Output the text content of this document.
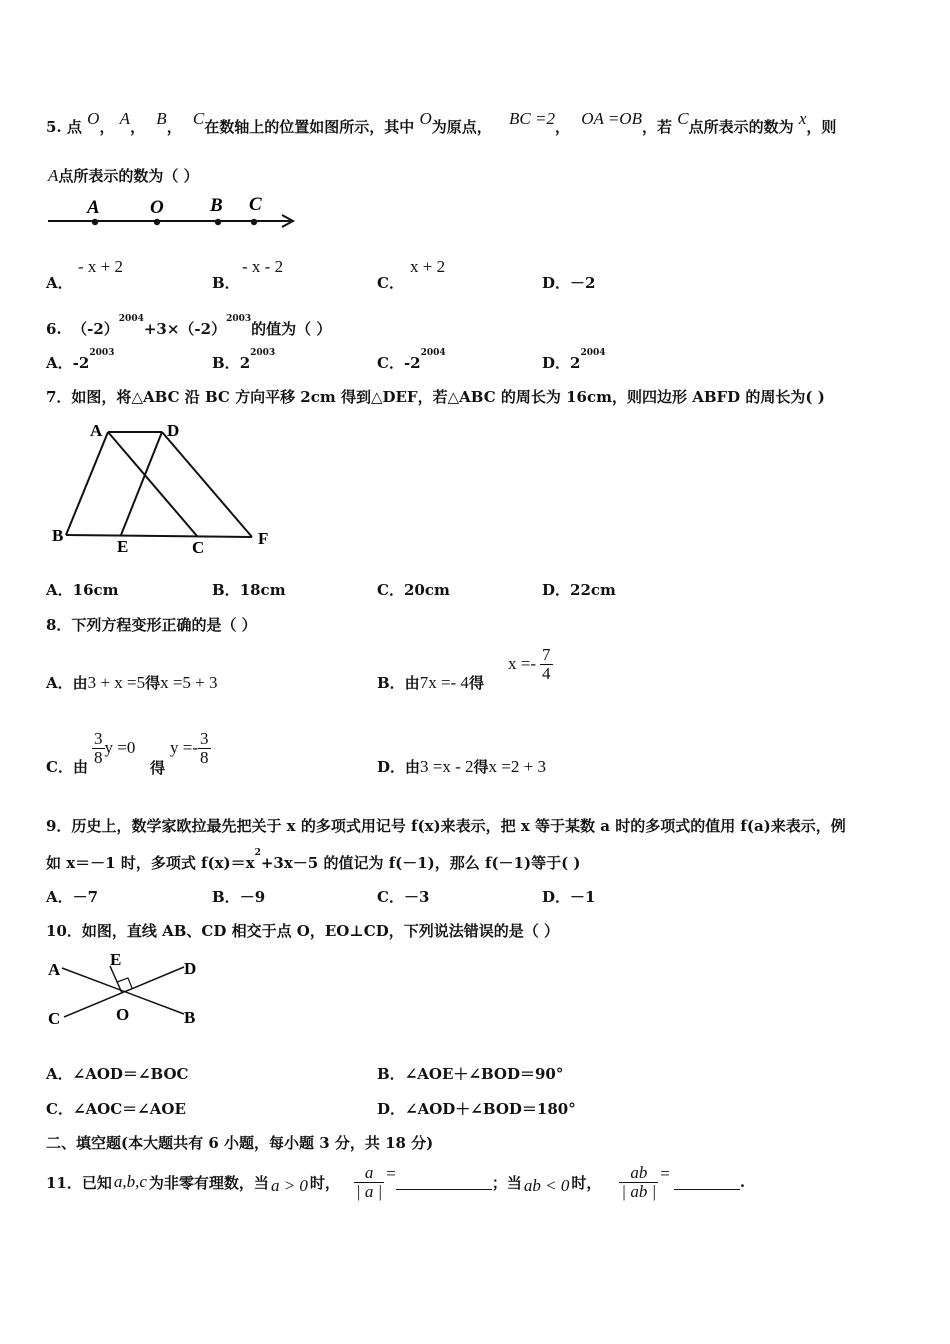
5. 点 O， A， B， C在数轴上的位置如图所示，其中 O为原点， BC =2， OA =OB，若 C点所表示的数为 x，则
A点所表示的数为（ ）
A	O B C
A．
- x + 2
B．
- x - 2
C．
x + 2
D．－2
6. $(-2)^{2004}+3\times(-2)^{2003}$的值为（ ）
A．$-2^{2003}$
B．$2^{2003}$
C．$-2^{2004}$
D．$2^{2004}$
7．如图，将△ABC 沿 BC 方向平移 2cm 得到△DEF，若△ABC 的周长为 16cm，则四边形 ABFD 的周长为( )
A	D
B
E	C	F
A．16cm	B．18cm	C．20cm	D．22cm
8．下列方程变形正确的是（ ）
A．由3 + x =5得x =5 + 3	B．由7x =- 4得
$x =- \frac{7}{4}$
C．由 $\frac{3}{8}$ y =0
得
$y =- \frac{3}{8}$	D．由3 =x - 2得x =2 + 3
9．历史上，数学家欧拉最先把关于 x 的多项式用记号 f(x)来表示，把 x 等于某数 a 时的多项式的值用 f(a)来表示，例
如 x＝－1 时，多项式 $f(x)=x^2+3x-5$ 的值记为 f(－1)，那么 f(－1)等于( )
A．－7	B．－9	C．－3	D．－1
10．如图，直线 AB、CD 相交于点 O，EO⊥CD，下列说法错误的是（ ）
A
E	D
C	O	B
A．∠AOD＝∠BOC	B．∠AOE＋∠BOD＝90°
C．∠AOC＝∠AOE	D．∠AOD＋∠BOD＝180°
二、填空题(本大题共有 6 小题，每小题 3 分，共 18 分)
11．已知 a,b,c 为非零有理数，当 a > 0 时， $\frac{a}{| a |}$ =	；当 ab < 0 时， $\frac{ab}{| ab |}$ =	.
